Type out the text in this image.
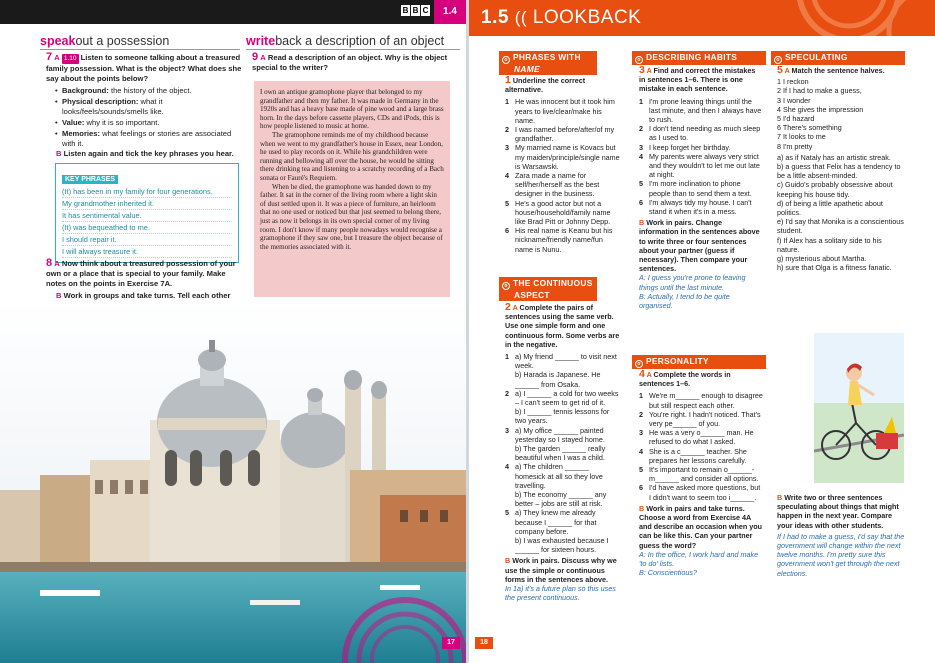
B B C	1.4
speakout a possession
7 A 1.10 Listen to someone talking about a treasured family possession. What is the object? What does she say about the points below?
• Background: the history of the object.
• Physical description: what it looks/feels/sounds/smells like.
• Value: why it is so important.
• Memories: what feelings or stories are associated with it.
B Listen again and tick the key phrases you hear.
KEY PHRASES
(It) has been in my family for four generations.
My grandmother inherited it.
It has sentimental value.
(It) was bequeathed to me.
I should repair it.
I will always treasure it.
8 A Now think about a treasured possession of your own or a place that is special to your family. Make notes on the points in Exercise 7A.
B Work in groups and take turns. Tell each other
writeback a description of an object
9 A Read a description of an object. Why is the object special to the writer?
I own an antique gramophone player that belonged to my grandfather and then my father. It was made in Germany in the 1920s and has a heavy base made of pine wood and a large brass horn. In the days before cassette players, CDs and iPods, this is how people listened to music at home.
The gramophone reminds me of my childhood because when we went to my grandfather's house in Essex, near London, he used to play records on it. While his grandchildren were running and bellowing all over the house, he would be sitting there drinking tea and listening to a scratchy recording of a Bach sonata or Fauré's Requiem.
When he died, the gramophone was handed down to my father. It sat in the corner of the living room where a light skin of dust settled upon it. It was a piece of furniture, an heirloom that no one used or noticed but that just seemed to belong there, just as now it belongs in its own special corner of my living room. I don't know if many people nowadays would recognise a gramophone if they saw one, but I treasure the object because of the memories associated with it.
17
1.5 (( LOOKBACK
o PHRASES WITH
NAME
1 Underline the correct alternative.
1 He was innocent but it took him years to live/clear/make his name.
2 I was named before/after/of my grandfather.
3 My married name is Kovacs but my maiden/principle/single name is Warsawski.
4 Zara made a name for self/her/herself as the best designer in the business.
5 He's a good actor but not a house/household/family name like Brad Pitt or Johnny Depp.
6 His real name is Keanu but his nickname/friendly name/fun name is Nunu.
o THE CONTINUOUS
ASPECT
2 A Complete the pairs of sentences using the same verb. Use one simple form and one continuous form. Some verbs are in the negative.
1 a) My friend ______ to visit next week.
b) Harada is Japanese. He ______ from Osaka.
2 a) I ______ a cold for two weeks – I can't seem to get rid of it.
b) I ______ tennis lessons for two years.
3 a) My office ______ painted yesterday so I stayed home.
b) The garden ______ really beautiful when I was a child.
4 a) The children ______ homesick at all so they love travelling.
b) The economy ______ any better – jobs are still at risk.
5 a) They knew me already because I ______ for that company before.
b) I was exhausted because I ______ for sixteen hours.
B Work in pairs. Discuss why we use the simple or continuous forms in the sentences above.
In 1a) it's a future plan so this uses the present continuous.
o DESCRIBING HABITS
3 A Find and correct the mistakes in sentences 1–6. There is one mistake in each sentence.
1 I'm prone leaving things until the last minute, and then I always have to rush.
2 I don't tend needing as much sleep as I used to.
3 I keep forget her birthday.
4 My parents were always very strict and they wouldn't to let me out late at night.
5 I'm more inclination to phone people than to send them a text.
6 I'm always tidy my house. I can't stand it when it's in a mess.
B Work in pairs. Change information in the sentences above to write three or four sentences about your partner (guess if necessary). Then compare your sentences.
A: I guess you're prone to leaving things until the last minute.
B: Actually, I tend to be quite organised.
o PERSONALITY
4 A Complete the words in sentences 1–6.
1 We're m______ enough to disagree but still respect each other.
2 You're right. I hadn't noticed. That's very pe______ of you.
3 He was a very o______ man. He refused to do what I asked.
4 She is a c______ teacher. She prepares her lessons carefully.
5 It's important to remain o______-m______ and consider all options.
6 I'd have asked more questions, but I didn't want to seem too i______.
B Work in pairs and take turns. Choose a word from Exercise 4A and describe an occasion when you can be like this. Can your partner guess the word?
A: In the office, I work hard and make 'to do' lists.
B: Conscientious?
o SPECULATING
5 A Match the sentence halves.
1 I reckon
2 If I had to make a guess,
3 I wonder
4 She gives the impression
5 I'd hazard
6 There's something
7 It looks to me
8 I'm pretty
a) as if Nataly has an artistic streak.
b) a guess that Felix has a tendency to be a little absent-minded.
c) Guido's probably obsessive about keeping his house tidy.
d) of being a little apathetic about politics.
e) I'd say that Monika is a conscientious student.
f) If Alex has a solitary side to his nature.
g) mysterious about Martha.
h) sure that Olga is a fitness fanatic.
B Write two or three sentences speculating about things that might happen in the next year. Compare your ideas with other students.
If I had to make a guess, I'd say that the government will change within the next twelve months. I'm pretty sure this government won't get through the next elections.
18
